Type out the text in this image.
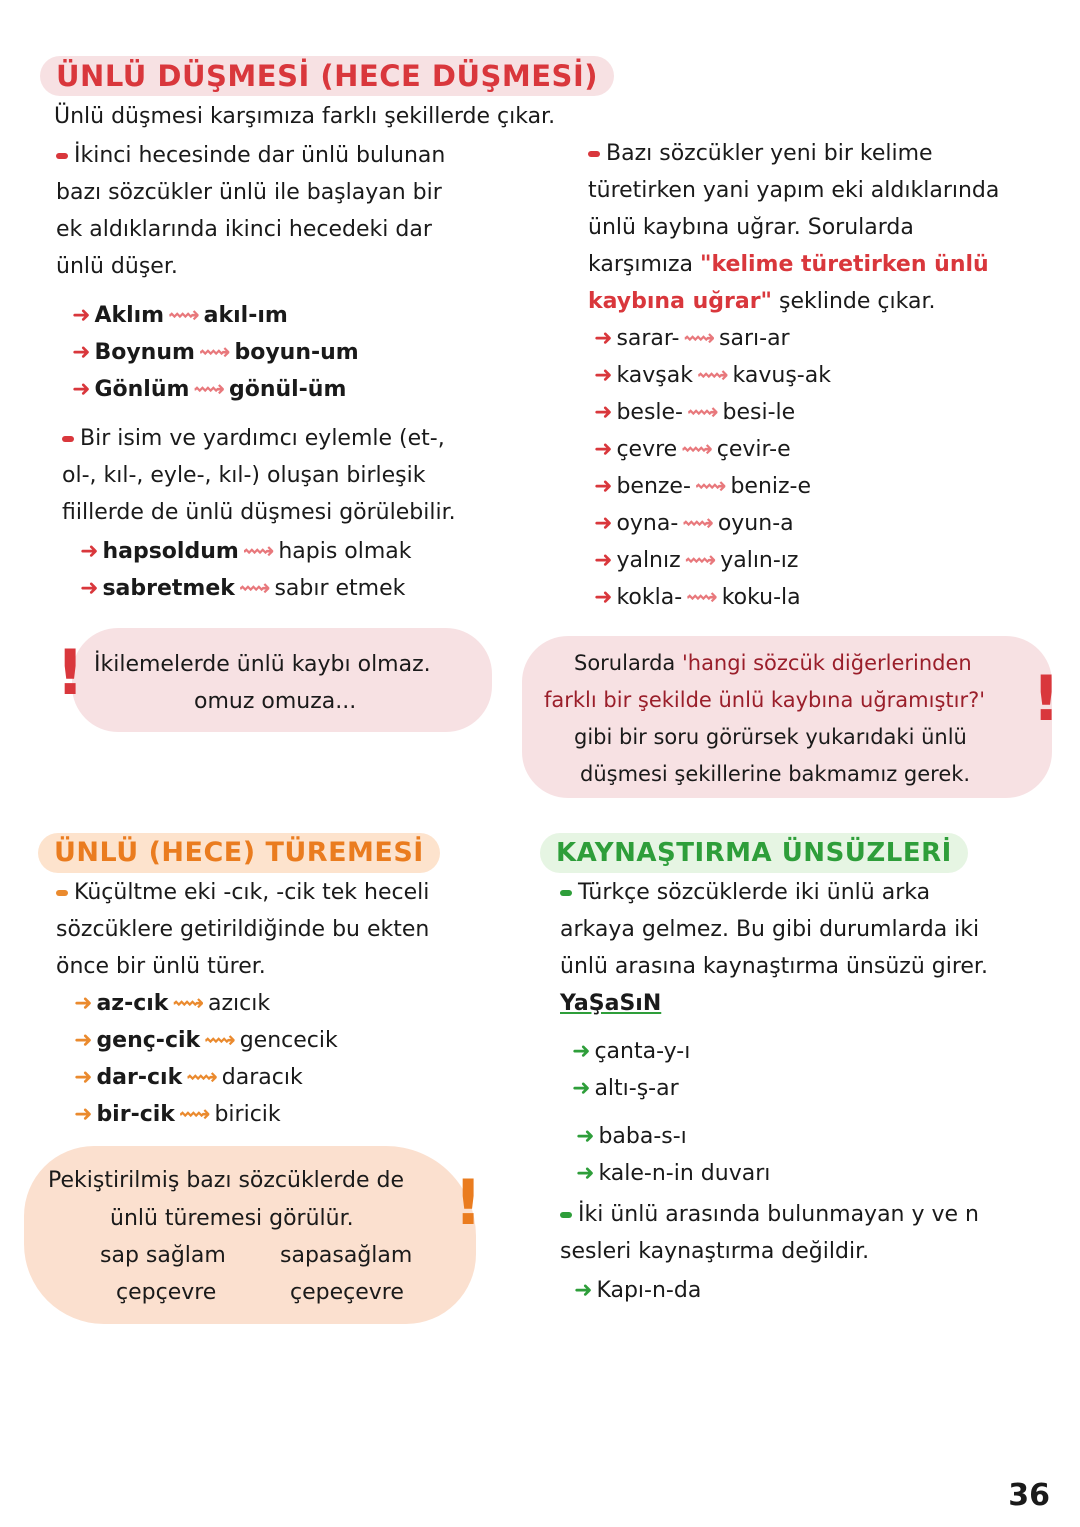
ÜNLÜ DÜŞMESİ (HECE DÜŞMESİ)
Ünlü düşmesi karşımıza farklı şekillerde çıkar.
İkinci hecesinde dar ünlü bulunan
bazı sözcükler ünlü ile başlayan bir
ek aldıklarında ikinci hecedeki dar
ünlü düşer.
➜ Aklım ⟿ akıl-ım
➜ Boynum ⟿ boyun-um
➜ Gönlüm ⟿ gönül-üm
Bir isim ve yardımcı eylemle (et-,
ol-, kıl-, eyle-, kıl-) oluşan birleşik
fiillerde de ünlü düşmesi görülebilir.
➜ hapsoldum ⟿ hapis olmak
➜ sabretmek ⟿ sabır etmek
! İkilemelerde ünlü kaybı olmaz.
omuz omuza...
Bazı sözcükler yeni bir kelime
türetirken yani yapım eki aldıklarında
ünlü kaybına uğrar. Sorularda
karşımıza "kelime türetirken ünlü
kaybına uğrar" şeklinde çıkar.
➜ sarar- ⟿ sarı-ar
➜ kavşak ⟿ kavuş-ak
➜ besle- ⟿ besi-le
➜ çevre ⟿ çevir-e
➜ benze- ⟿ beniz-e
➜ oyna- ⟿ oyun-a
➜ yalnız ⟿ yalın-ız
➜ kokla- ⟿ koku-la
!
Sorularda 'hangi sözcük diğerlerinden
farklı bir şekilde ünlü kaybına uğramıştır?'
gibi bir soru görürsek yukarıdaki ünlü
düşmesi şekillerine bakmamız gerek.
ÜNLÜ (HECE) TÜREMESİ
Küçültme eki -cık, -cik tek heceli
sözcüklere getirildiğinde bu ekten
önce bir ünlü türer.
➜ az-cık ⟿ azıcık
➜ genç-cik ⟿ gencecik
➜ dar-cık ⟿ daracık
➜ bir-cik ⟿ biricik
!
Pekiştirilmiş bazı sözcüklerde de
ünlü türemesi görülür.
sap sağlam sapasağlam
çepçevre	çepeçevre
KAYNAŞTIRMA ÜNSÜZLERİ
Türkçe sözcüklerde iki ünlü arka
arkaya gelmez. Bu gibi durumlarda iki
ünlü arasına kaynaştırma ünsüzü girer.
YaŞaSıN
➜ çanta-y-ı
➜ altı-ş-ar
➜ baba-s-ı
➜ kale-n-in duvarı
İki ünlü arasında bulunmayan y ve n
sesleri kaynaştırma değildir.
➜ Kapı-n-da
36
